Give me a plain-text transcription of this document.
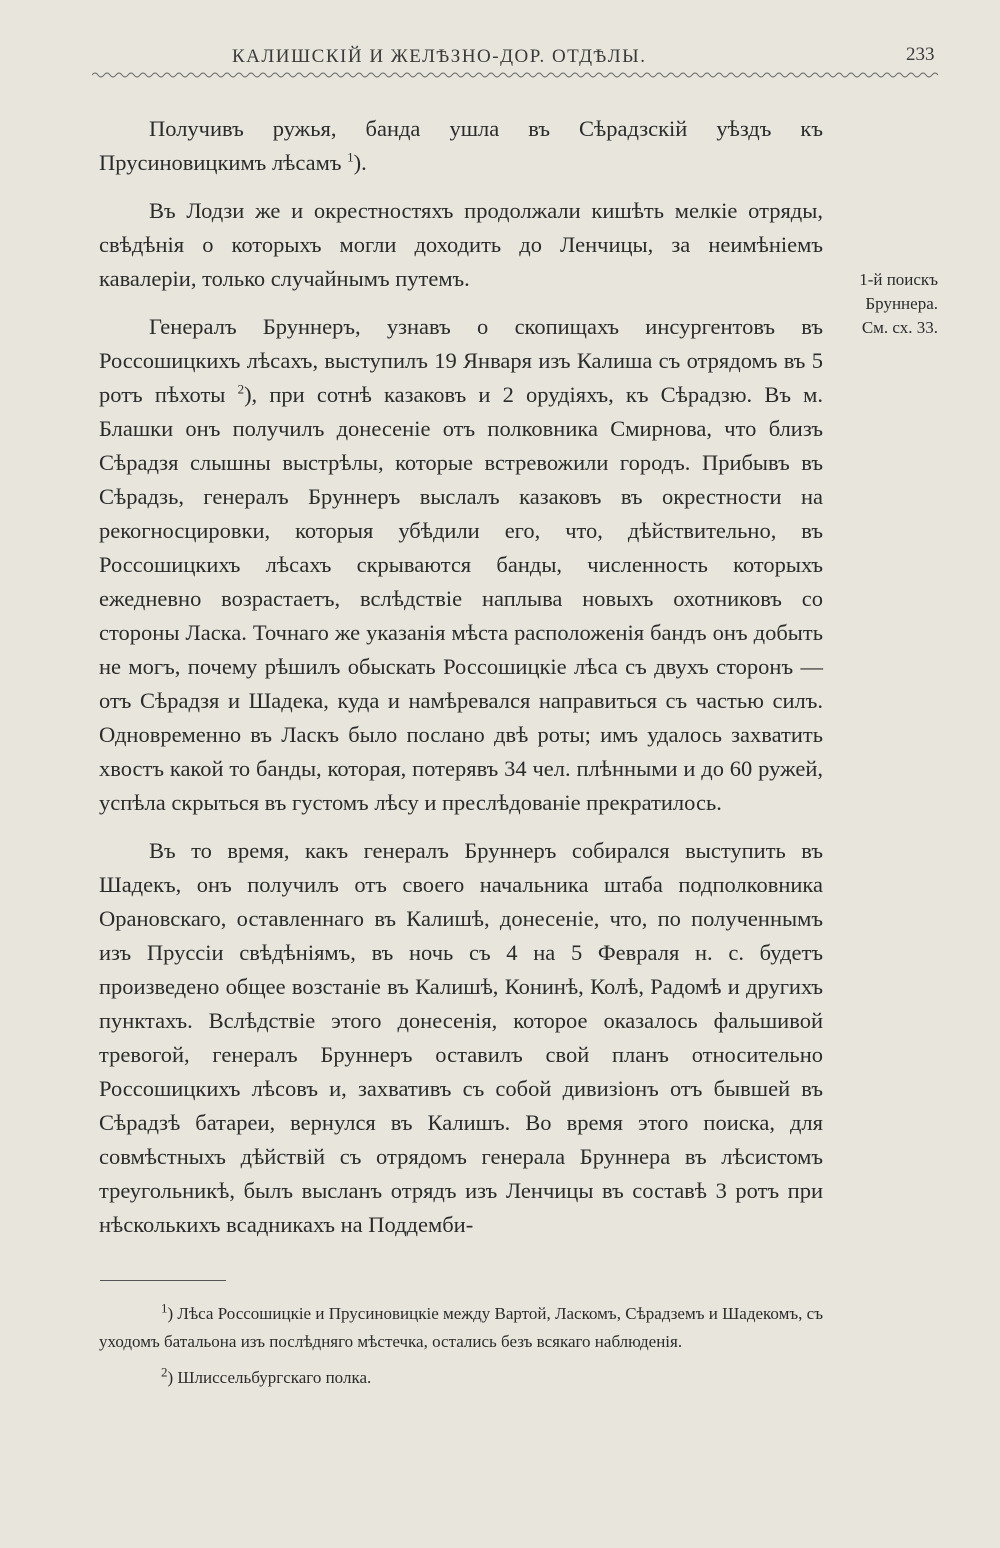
КАЛИШСКІЙ И ЖЕЛѢЗНО-ДОР. ОТДѢЛЫ.	233

Получивъ ружья, банда ушла въ Сѣрадзскій уѣздъ къ Прусиновицкимъ лѣсамъ $^1$).

Въ Лодзи же и окрестностяхъ продолжали кишѣть мелкіе отряды, свѣдѣнія о которыхъ могли доходить до Ленчицы, за неимѣніемъ кавалеріи, только случайнымъ путемъ.

Генералъ Бруннеръ, узнавъ о скопищахъ инсургентовъ въ Россошицкихъ лѣсахъ, выступилъ 19 Января изъ Калиша съ отрядомъ въ 5 ротъ пѣхоты $^2$), при сотнѣ казаковъ и 2 орудіяхъ, къ Сѣрадзю. Въ м. Блашки онъ получилъ донесеніе отъ полковника Смирнова, что близъ Сѣрадзя слышны выстрѣлы, которые встревожили городъ. Прибывъ въ Сѣрадзь, генералъ Бруннеръ выслалъ казаковъ въ окрестности на рекогносцировки, которыя убѣдили его, что, дѣйствительно, въ Россошицкихъ лѣсахъ скрываются банды, численность которыхъ ежедневно возрастаетъ, вслѣдствіе наплыва новыхъ охотниковъ со стороны Ласка. Точнаго же указанія мѣста расположенія бандъ онъ добыть не могъ, почему рѣшилъ обыскать Россошицкіе лѣса съ двухъ сторонъ — отъ Сѣрадзя и Шадека, куда и намѣревался направиться съ частью силъ. Одновременно въ Ласкъ было послано двѣ роты; имъ удалось захватить хвостъ какой то банды, которая, потерявъ 34 чел. плѣнными и до 60 ружей, успѣла скрыться въ густомъ лѣсу и преслѣдованіе прекратилось.

Въ то время, какъ генералъ Бруннеръ собирался выступить въ Шадекъ, онъ получилъ отъ своего начальника штаба подполковника Орановскаго, оставленнаго въ Калишѣ, донесеніе, что, по полученнымъ изъ Пруссіи свѣдѣніямъ, въ ночь съ 4 на 5 Февраля н. с. будетъ произведено общее возстаніе въ Калишѣ, Конинѣ, Колѣ, Радомѣ и другихъ пунктахъ. Вслѣдствіе этого донесенія, которое оказалось фальшивой тревогой, генералъ Бруннеръ оставилъ свой планъ относительно Россошицкихъ лѣсовъ и, захвативъ съ собой дивизіонъ отъ бывшей въ Сѣрадзѣ батареи, вернулся въ Калишъ. Во время этого поиска, для совмѣстныхъ дѣйствій съ отрядомъ генерала Бруннера въ лѣсистомъ треугольникѣ, былъ высланъ отрядъ изъ Ленчицы въ составѣ 3 ротъ при нѣсколькихъ всадникахъ на Поддемби-

1-й поискъ
Бруннера.
См. сх. 33.

$^1$) Лѣса Россошицкіе и Прусиновицкіе между Вартой, Ласкомъ, Сѣрадземъ и Шадекомъ, съ уходомъ батальона изъ послѣдняго мѣстечка, остались безъ всякаго наблюденія.

$^2$) Шлиссельбургскаго полка.
